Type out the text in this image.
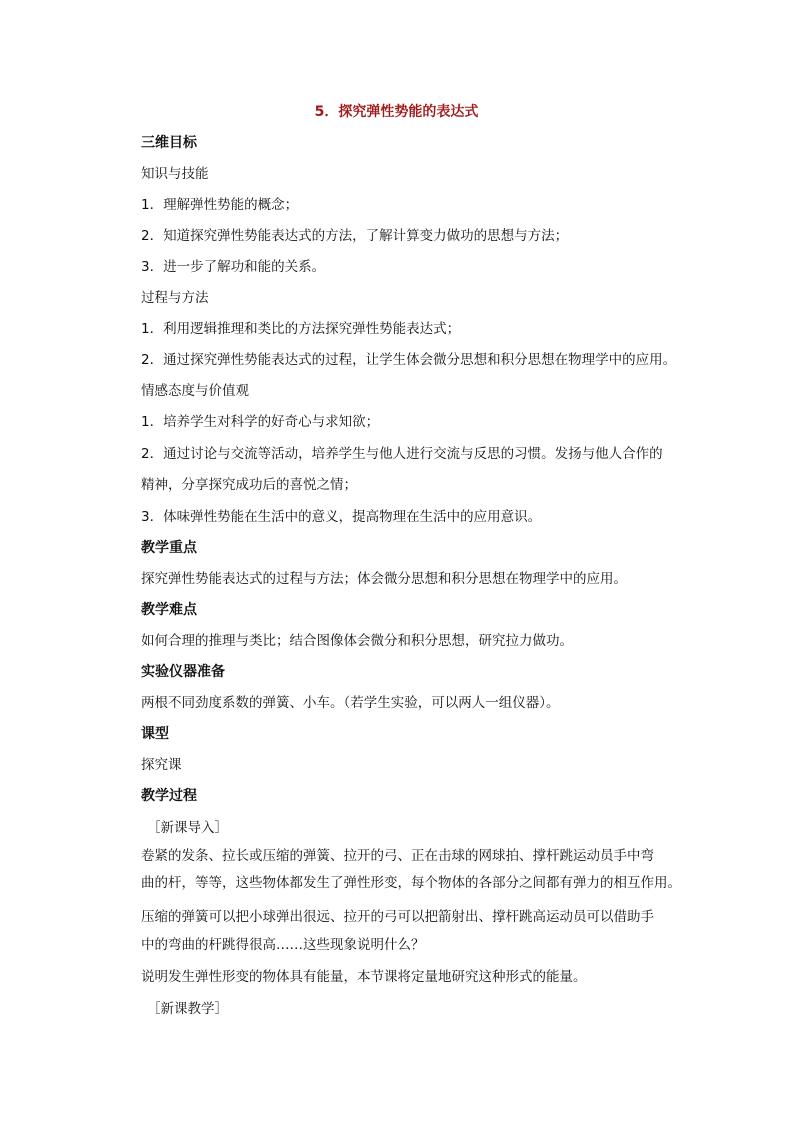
5．探究弹性势能的表达式
三维目标
知识与技能
1．理解弹性势能的概念；
2．知道探究弹性势能表达式的方法，了解计算变力做功的思想与方法；
3．进一步了解功和能的关系。
过程与方法
1．利用逻辑推理和类比的方法探究弹性势能表达式；
2．通过探究弹性势能表达式的过程，让学生体会微分思想和积分思想在物理学中的应用。
情感态度与价值观
1．培养学生对科学的好奇心与求知欲；
2．通过讨论与交流等活动，培养学生与他人进行交流与反思的习惯。发扬与他人合作的
精神，分享探究成功后的喜悦之情；
3．体味弹性势能在生活中的意义，提高物理在生活中的应用意识。
教学重点
探究弹性势能表达式的过程与方法；体会微分思想和积分思想在物理学中的应用。
教学难点
如何合理的推理与类比；结合图像体会微分和积分思想，研究拉力做功。
实验仪器准备
两根不同劲度系数的弹簧、小车。（若学生实验，可以两人一组仪器）。
课型
探究课
教学过程
［新课导入］
卷紧的发条、拉长或压缩的弹簧、拉开的弓、正在击球的网球拍、撑杆跳运动员手中弯
曲的杆，等等，这些物体都发生了弹性形变，每个物体的各部分之间都有弹力的相互作用。
压缩的弹簧可以把小球弹出很远、拉开的弓可以把箭射出、撑杆跳高运动员可以借助手
中的弯曲的杆跳得很高……这些现象说明什么？
说明发生弹性形变的物体具有能量，本节课将定量地研究这种形式的能量。
［新课教学］
